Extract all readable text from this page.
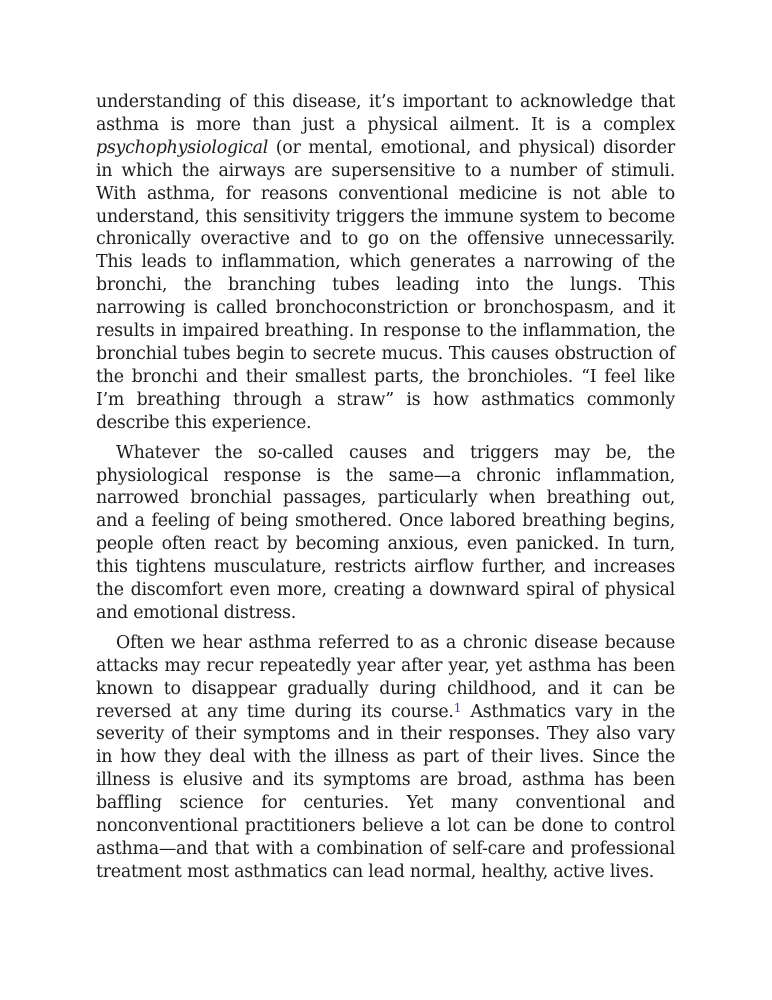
understanding of this disease, it’s important to acknowledge that asthma is more than just a physical ailment. It is a complex psychophysiological (or mental, emotional, and physical) disorder in which the airways are supersensitive to a number of stimuli. With asthma, for reasons conventional medicine is not able to understand, this sensitivity triggers the immune system to become chronically overactive and to go on the offensive unnecessarily. This leads to inflammation, which generates a narrowing of the bronchi, the branching tubes leading into the lungs. This narrowing is called bronchoconstriction or bronchospasm, and it results in impaired breathing. In response to the inflammation, the bronchial tubes begin to secrete mucus. This causes obstruction of the bronchi and their smallest parts, the bronchioles. “I feel like I’m breathing through a straw” is how asthmatics commonly describe this experience.

Whatever the so-called causes and triggers may be, the physiological response is the same—a chronic inflammation, narrowed bronchial passages, particularly when breathing out, and a feeling of being smothered. Once labored breathing begins, people often react by becoming anxious, even panicked. In turn, this tightens musculature, restricts airflow further, and increases the discomfort even more, creating a downward spiral of physical and emotional distress.

Often we hear asthma referred to as a chronic disease because attacks may recur repeatedly year after year, yet asthma has been known to disappear gradually during childhood, and it can be reversed at any time during its course.$^1$ Asthmatics vary in the severity of their symptoms and in their responses. They also vary in how they deal with the illness as part of their lives. Since the illness is elusive and its symptoms are broad, asthma has been baffling science for centuries. Yet many conventional and nonconventional practitioners believe a lot can be done to control asthma—and that with a combination of self-care and professional treatment most asthmatics can lead normal, healthy, active lives.
